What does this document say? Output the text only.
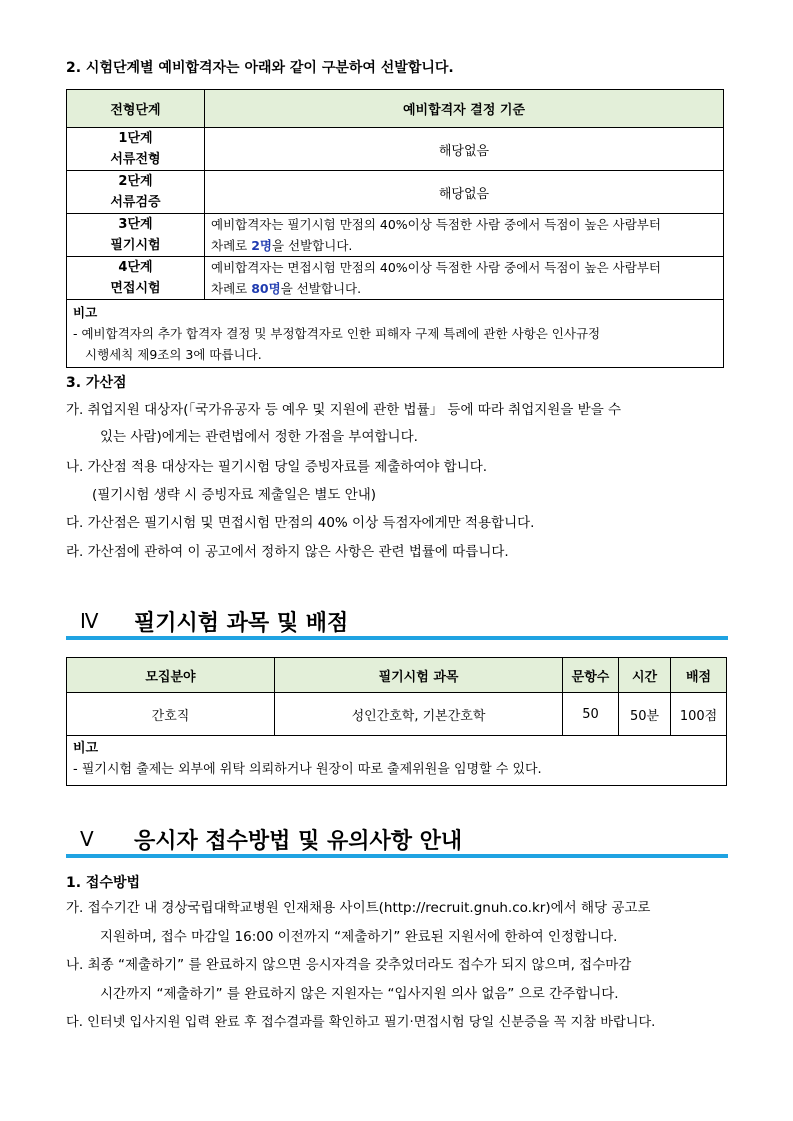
2. 시험단계별 예비합격자는 아래와 같이 구분하여 선발합니다.
전형단계	예비합격자 결정 기준
1단계
서류전형	해당없음
2단계
서류검증	해당없음
3단계
필기시험	예비합격자는 필기시험 만점의 40%이상 득점한 사람 중에서 득점이 높은 사람부터
차례로 2명을 선발합니다.
4단계
면접시험	예비합격자는 면접시험 만점의 40%이상 득점한 사람 중에서 득점이 높은 사람부터
차례로 80명을 선발합니다.

비고
- 예비합격자의 추가 합격자 결정 및 부정합격자로 인한 피해자 구제 특례에 관한 사항은 인사규정
시행세칙 제9조의 3에 따릅니다.	
3. 가산점
가. 취업지원 대상자(「국가유공자 등 예우 및 지원에 관한 법률」 등에 따라 취업지원을 받을 수
있는 사람)에게는 관련법에서 정한 가점을 부여합니다.
나. 가산점 적용 대상자는 필기시험 당일 증빙자료를 제출하여야 합니다.
(필기시험 생략 시 증빙자료 제출일은 별도 안내)
다. 가산점은 필기시험 및 면접시험 만점의 40% 이상 득점자에게만 적용합니다.
라. 가산점에 관하여 이 공고에서 정하지 않은 사항은 관련 법률에 따릅니다.
Ⅳ 필기시험 과목 및 배점
모집분야	필기시험 과목	문항수	시간	배점
간호직	성인간호학, 기본간호학	50	50분	100점

비고
- 필기시험 출제는 외부에 위탁 의뢰하거나 원장이 따로 출제위원을 임명할 수 있다.				
Ⅴ 응시자 접수방법 및 유의사항 안내
1. 접수방법
가. 접수기간 내 경상국립대학교병원 인재채용 사이트(http://recruit.gnuh.co.kr)에서 해당 공고로
지원하며, 접수 마감일 16:00 이전까지 “제출하기” 완료된 지원서에 한하여 인정합니다.
나. 최종 “제출하기” 를 완료하지 않으면 응시자격을 갖추었더라도 접수가 되지 않으며, 접수마감
시간까지 “제출하기” 를 완료하지 않은 지원자는 “입사지원 의사 없음” 으로 간주합니다.
다. 인터넷 입사지원 입력 완료 후 접수결과를 확인하고 필기·면접시험 당일 신분증을 꼭 지참 바랍니다.
